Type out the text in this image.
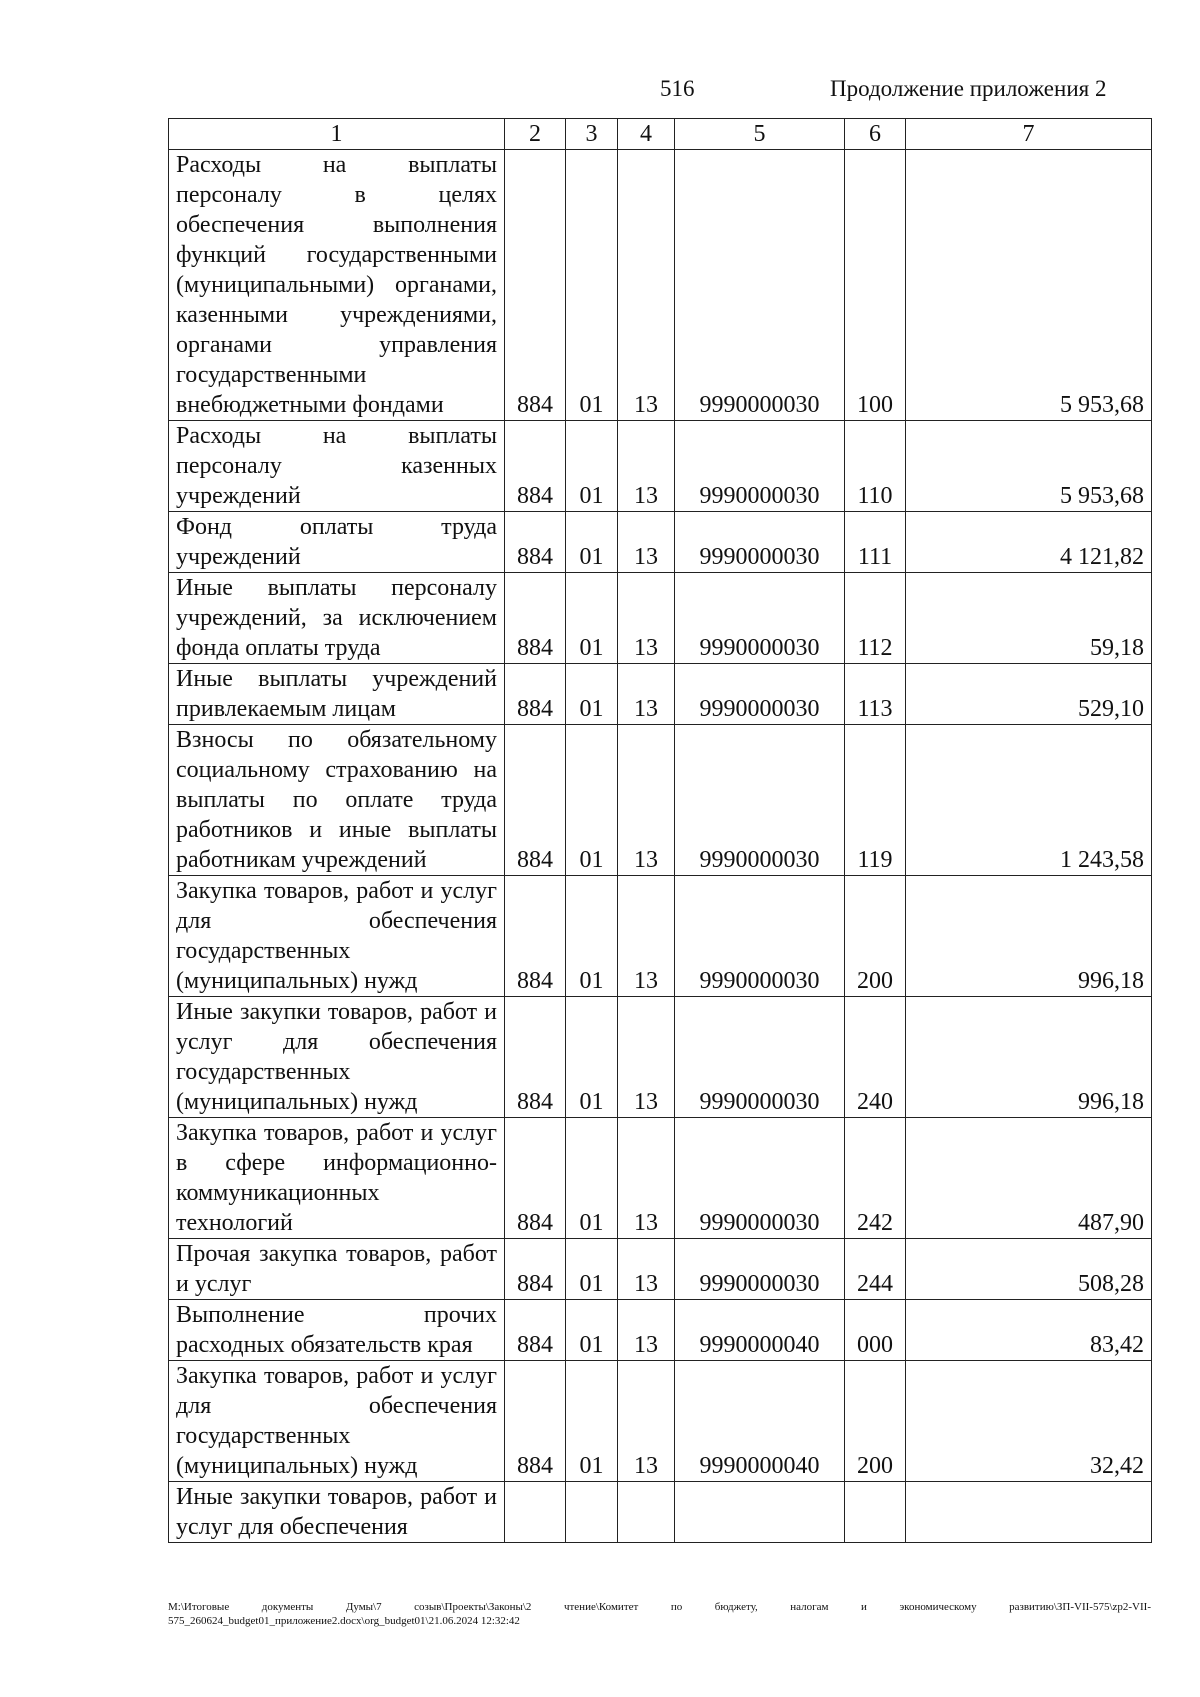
516	Продолжение приложения 2
1	2	3	4	5	6	7
Расходы на выплаты персоналу в целях обеспечения выполнения функций государственными (муниципальными) органами, казенными учреждениями, органами управления государственными внебюджетными фондами	884	01	13	9990000030	100	5 953,68
Расходы на выплаты персоналу казенных учреждений	884	01	13	9990000030	110	5 953,68
Фонд оплаты труда учреждений	884	01	13	9990000030	111	4 121,82
Иные выплаты персоналу учреждений, за исключением фонда оплаты труда	884	01	13	9990000030	112	59,18
Иные выплаты учреждений привлекаемым лицам	884	01	13	9990000030	113	529,10
Взносы по обязательному социальному страхованию на выплаты по оплате труда работников и иные выплаты работникам учреждений	884	01	13	9990000030	119	1 243,58
Закупка товаров, работ и услуг для обеспечения государственных (муниципальных) нужд	884	01	13	9990000030	200	996,18
Иные закупки товаров, работ и услуг для обеспечения государственных (муниципальных) нужд	884	01	13	9990000030	240	996,18
Закупка товаров, работ и услуг в сфере информационно-коммуникационных технологий	884	01	13	9990000030	242	487,90
Прочая закупка товаров, работ и услуг	884	01	13	9990000030	244	508,28
Выполнение прочих расходных обязательств края	884	01	13	9990000040	000	83,42
Закупка товаров, работ и услуг для обеспечения государственных (муниципальных) нужд	884	01	13	9990000040	200	32,42
Иные закупки товаров, работ и услуг для обеспечения						
M:\Итоговые документы Думы\7 созыв\Проекты\Законы\2 чтение\Комитет по бюджету, налогам и экономическому развитию\ЗП-VII-575\zp2-VII-575_260624_budget01_приложение2.docx\org_budget01\21.06.2024 12:32:42
